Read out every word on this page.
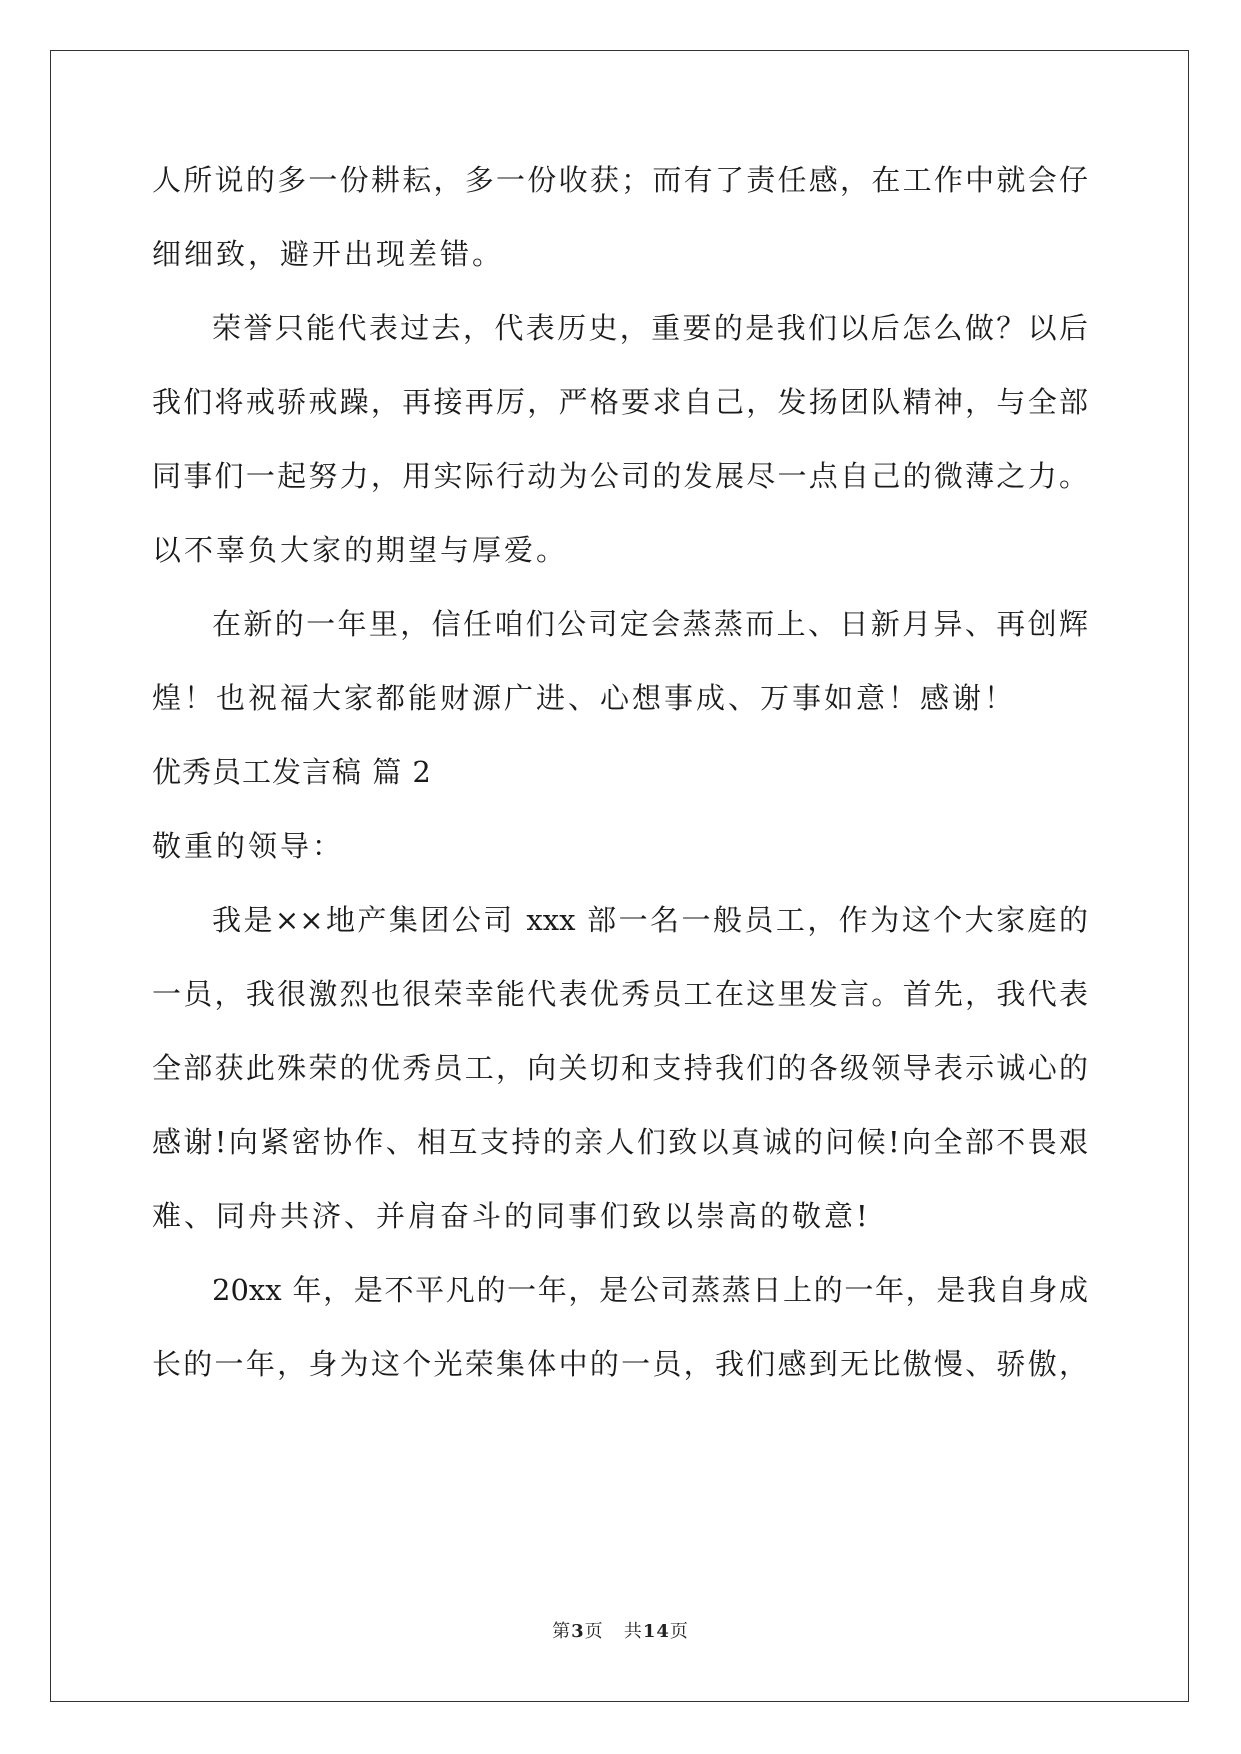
人所说的多一份耕耘，多一份收获；而有了责任感，在工作中就会仔
细细致，避开出现差错。
荣誉只能代表过去，代表历史，重要的是我们以后怎么做？以后
我们将戒骄戒躁，再接再厉，严格要求自己，发扬团队精神，与全部
同事们一起努力，用实际行动为公司的发展尽一点自己的微薄之力。
以不辜负大家的期望与厚爱。
在新的一年里，信任咱们公司定会蒸蒸而上、日新月异、再创辉
煌！也祝福大家都能财源广进、心想事成、万事如意！感谢！
优秀员工发言稿 篇 2
敬重的领导：
我是××地产集团公司 xxx 部一名一般员工，作为这个大家庭的
一员，我很激烈也很荣幸能代表优秀员工在这里发言。首先，我代表
全部获此殊荣的优秀员工，向关切和支持我们的各级领导表示诚心的
感谢!向紧密协作、相互支持的亲人们致以真诚的问候!向全部不畏艰
难、同舟共济、并肩奋斗的同事们致以崇高的敬意!
20xx 年，是不平凡的一年，是公司蒸蒸日上的一年，是我自身成
长的一年，身为这个光荣集体中的一员，我们感到无比傲慢、骄傲，
第3页 共14页
